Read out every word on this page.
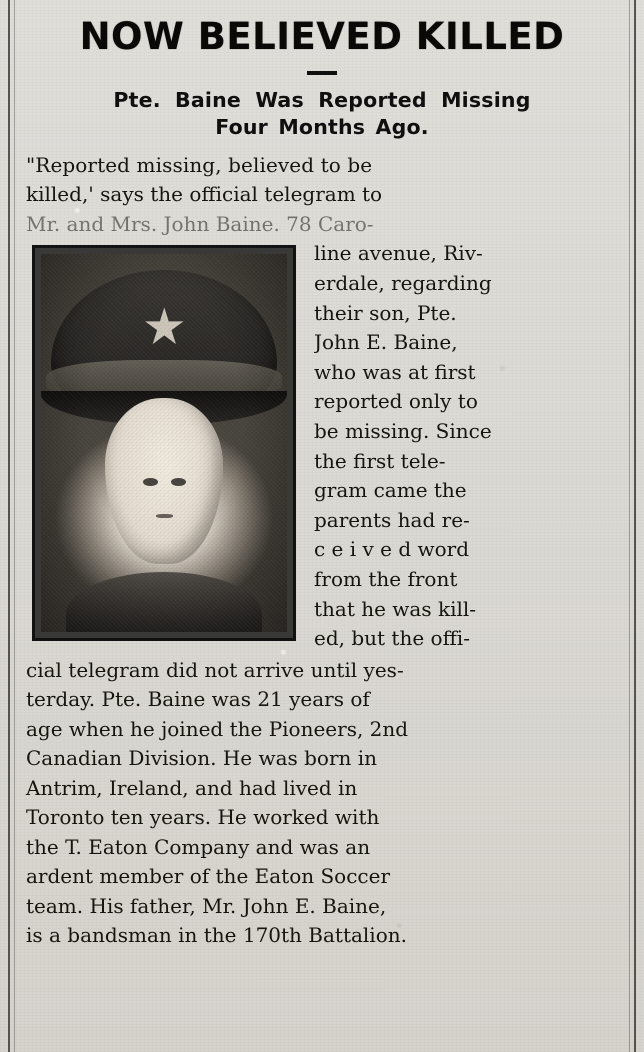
NOW BELIEVED KILLED
Pte. Baine Was Reported Missing
Four Months Ago.
"Reported missing, believed to be
killed,' says the official telegram to
Mr. and Mrs. John Baine. 78 Caro-
line avenue, Riv-
erdale, regarding
their son, Pte.
John E. Baine,
who was at first
reported only to
be missing. Since
the first tele-
gram came the
parents had re-
c e i v e d word
from the front
that he was kill-
ed, but the offi-
cial telegram did not arrive until yes-
terday. Pte. Baine was 21 years of
age when he joined the Pioneers, 2nd
Canadian Division. He was born in
Antrim, Ireland, and had lived in
Toronto ten years. He worked with
the T. Eaton Company and was an
ardent member of the Eaton Soccer
team. His father, Mr. John E. Baine,
is a bandsman in the 170th Battalion.
